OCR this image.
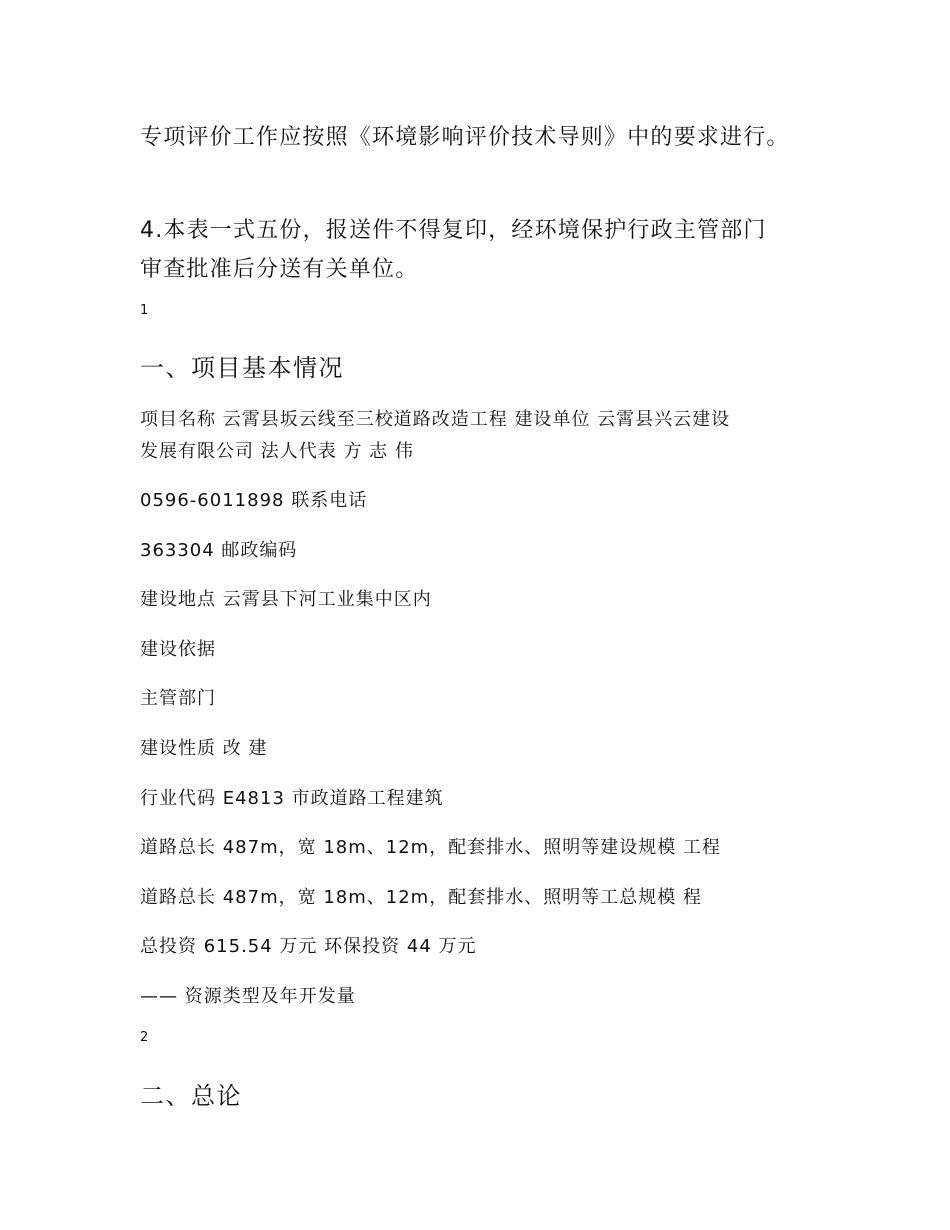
专项评价工作应按照《环境影响评价技术导则》中的要求进行。

4.本表一式五份，报送件不得复印，经环境保护行政主管部门

审查批准后分送有关单位。

1

一、项目基本情况

项目名称 云霄县坂云线至三校道路改造工程 建设单位 云霄县兴云建设

发展有限公司 法人代表 方 志 伟

0596-6011898 联系电话

363304 邮政编码

建设地点 云霄县下河工业集中区内

建设依据

主管部门

建设性质 改 建

行业代码 E4813 市政道路工程建筑

道路总长 487m，宽 18m、12m，配套排水、照明等建设规模 工程

道路总长 487m，宽 18m、12m，配套排水、照明等工总规模 程

总投资 615.54 万元 环保投资 44 万元

—— 资源类型及年开发量

2

二、总论
